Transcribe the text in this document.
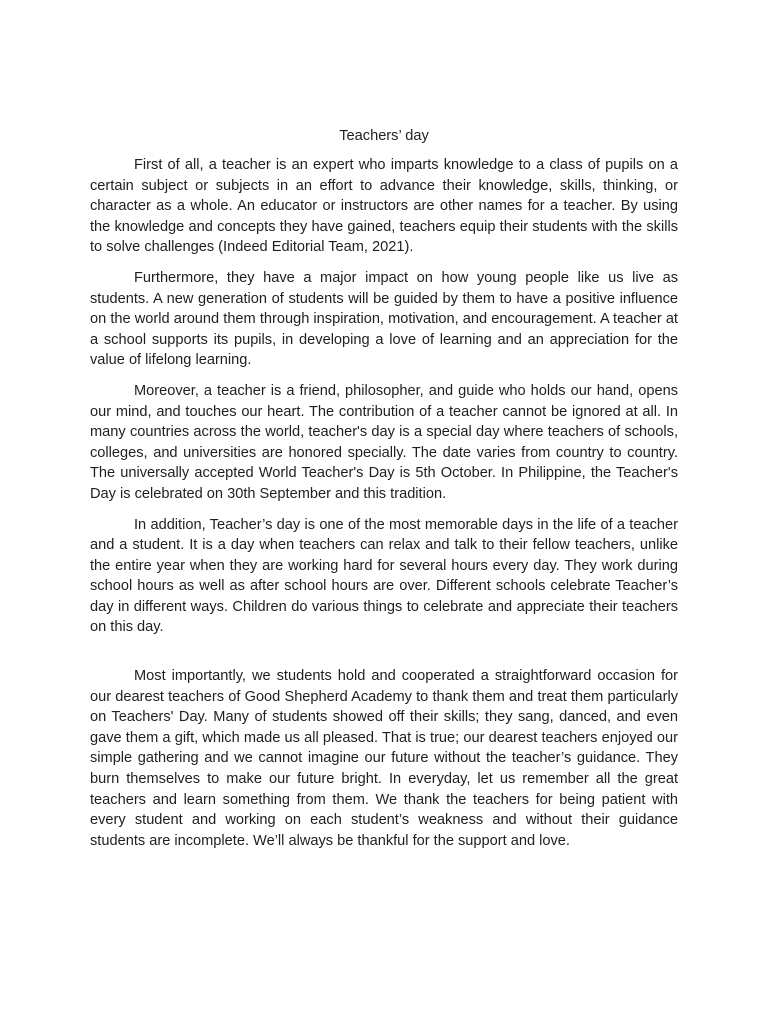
Teachers’ day

First of all, a teacher is an expert who imparts knowledge to a class of pupils on a certain subject or subjects in an effort to advance their knowledge, skills, thinking, or character as a whole. An educator or instructors are other names for a teacher. By using the knowledge and concepts they have gained, teachers equip their students with the skills to solve challenges (Indeed Editorial Team, 2021).

Furthermore, they have a major impact on how young people like us live as students. A new generation of students will be guided by them to have a positive influence on the world around them through inspiration, motivation, and encouragement. A teacher at a school supports its pupils, in developing a love of learning and an appreciation for the value of lifelong learning.

Moreover, a teacher is a friend, philosopher, and guide who holds our hand, opens our mind, and touches our heart. The contribution of a teacher cannot be ignored at all. In many countries across the world, teacher's day is a special day where teachers of schools, colleges, and universities are honored specially. The date varies from country to country. The universally accepted World Teacher's Day is 5th October. In Philippine, the Teacher's Day is celebrated on 30th September and this tradition.

In addition, Teacher’s day is one of the most memorable days in the life of a teacher and a student. It is a day when teachers can relax and talk to their fellow teachers, unlike the entire year when they are working hard for several hours every day. They work during school hours as well as after school hours are over. Different schools celebrate Teacher’s day in different ways. Children do various things to celebrate and appreciate their teachers on this day.

Most importantly, we students hold and cooperated a straightforward occasion for our dearest teachers of Good Shepherd Academy to thank them and treat them particularly on Teachers' Day. Many of students showed off their skills; they sang, danced, and even gave them a gift, which made us all pleased. That is true; our dearest teachers enjoyed our simple gathering and we cannot imagine our future without the teacher’s guidance. They burn themselves to make our future bright. In everyday, let us remember all the great teachers and learn something from them. We thank the teachers for being patient with every student and working on each student’s weakness and without their guidance students are incomplete. We’ll always be thankful for the support and love.
